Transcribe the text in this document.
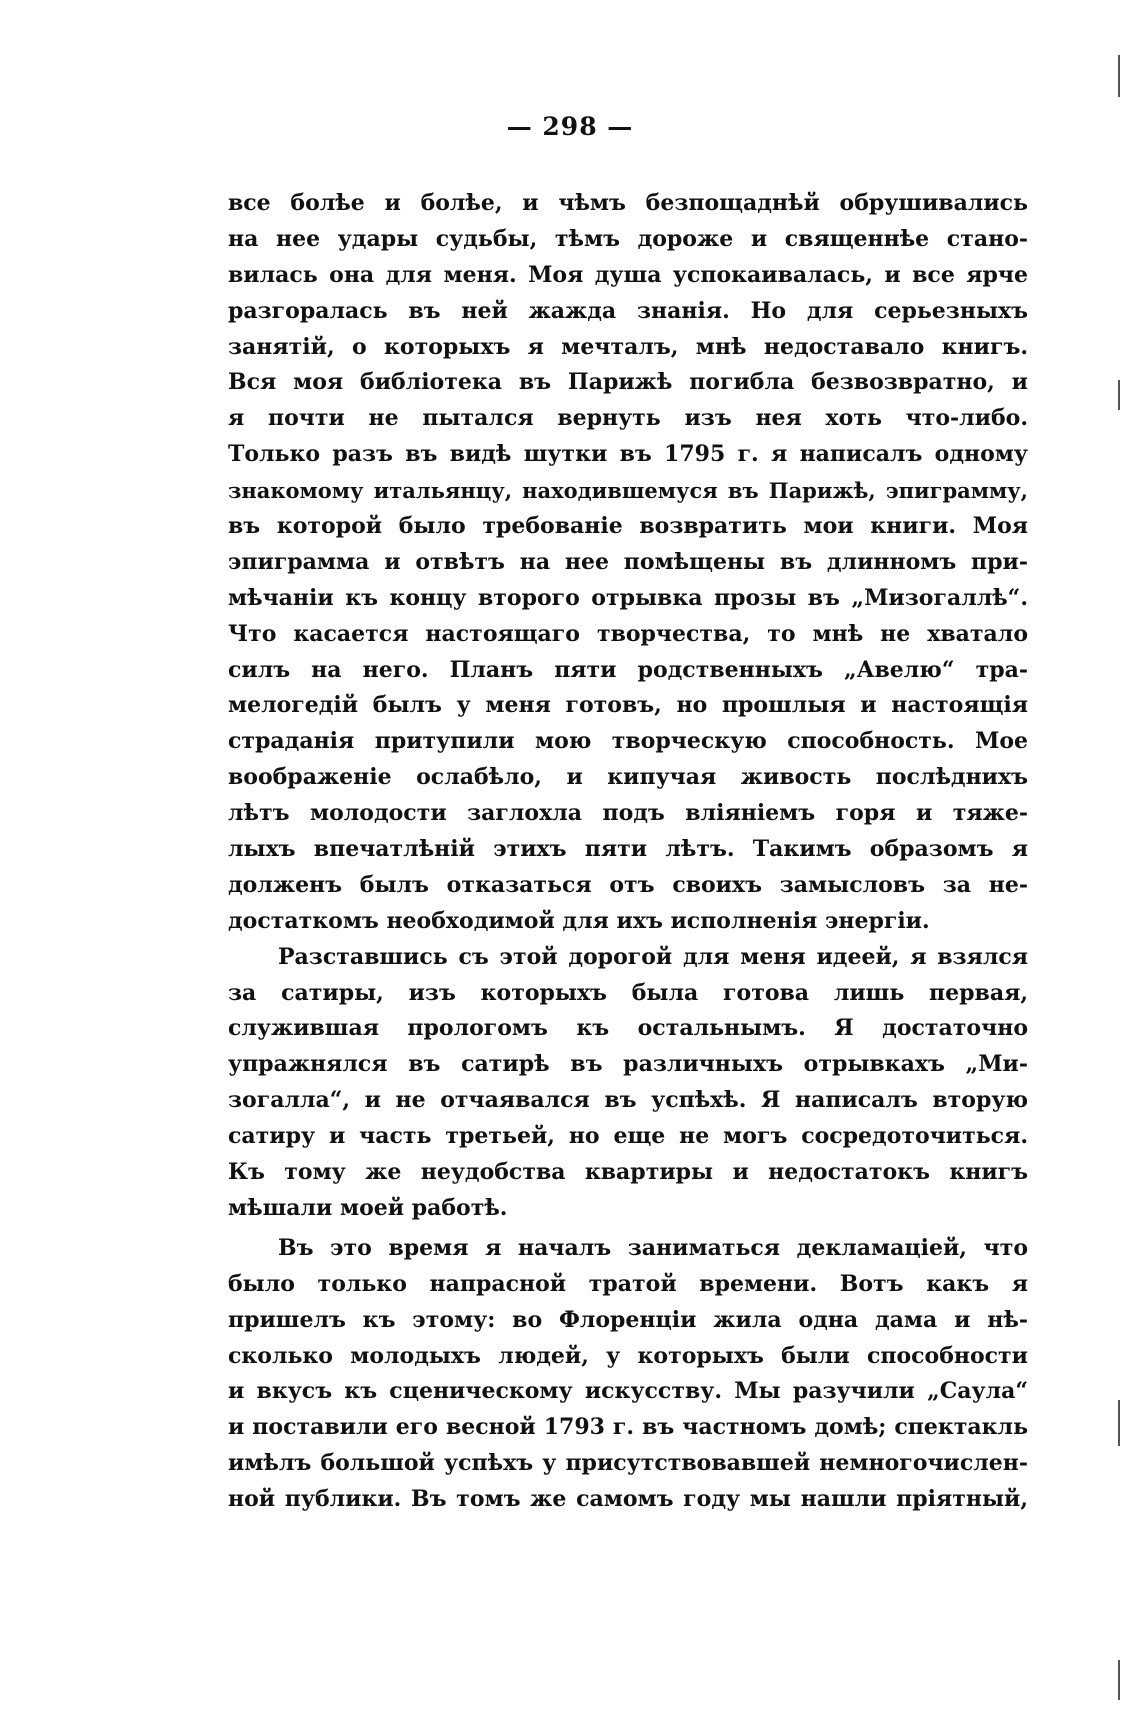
— 298 —
все болѣе и болѣе, и чѣмъ безпощаднѣй обрушивались
на нее удары судьбы, тѣмъ дороже и священнѣе стано-
вилась она для меня. Моя душа успокаивалась, и все ярче
разгоралась въ ней жажда знанія. Но для серьезныхъ
занятій, о которыхъ я мечталъ, мнѣ недоставало книгъ.
Вся моя библіотека въ Парижѣ погибла безвозвратно, и
я почти не пытался вернуть изъ нея хоть что-либо.
Только разъ въ видѣ шутки въ 1795 г. я написалъ одному
знакомому итальянцу, находившемуся въ Парижѣ, эпиграмму,
въ которой было требованіе возвратить мои книги. Моя
эпиграмма и отвѣтъ на нее помѣщены въ длинномъ при-
мѣчаніи къ концу второго отрывка прозы въ „Мизогаллѣ“.
Что касается настоящаго творчества, то мнѣ не хватало
силъ на него. Планъ пяти родственныхъ „Авелю“ тра-
мелогедій былъ у меня готовъ, но прошлыя и настоящія
страданія притупили мою творческую способность. Мое
воображеніе ослабѣло, и кипучая живость послѣднихъ
лѣтъ молодости заглохла подъ вліяніемъ горя и тяже-
лыхъ впечатлѣній этихъ пяти лѣтъ. Такимъ образомъ я
долженъ былъ отказаться отъ своихъ замысловъ за не-
достаткомъ необходимой для ихъ исполненія энергіи.
Разставшись съ этой дорогой для меня идеей, я взялся
за сатиры, изъ которыхъ была готова лишь первая,
служившая прологомъ къ остальнымъ. Я достаточно
упражнялся въ сатирѣ въ различныхъ отрывкахъ „Ми-
зогалла“, и не отчаявался въ успѣхѣ. Я написалъ вторую
сатиру и часть третьей, но еще не могъ сосредоточиться.
Къ тому же неудобства квартиры и недостатокъ книгъ
мѣшали моей работѣ.
Въ это время я началъ заниматься декламаціей, что
было только напрасной тратой времени. Вотъ какъ я
пришелъ къ этому: во Флоренціи жила одна дама и нѣ-
сколько молодыхъ людей, у которыхъ были способности
и вкусъ къ сценическому искусству. Мы разучили „Саула“
и поставили его весной 1793 г. въ частномъ домѣ; спектакль
имѣлъ большой успѣхъ у присутствовавшей немногочислен-
ной публики. Въ томъ же самомъ году мы нашли пріятный,
